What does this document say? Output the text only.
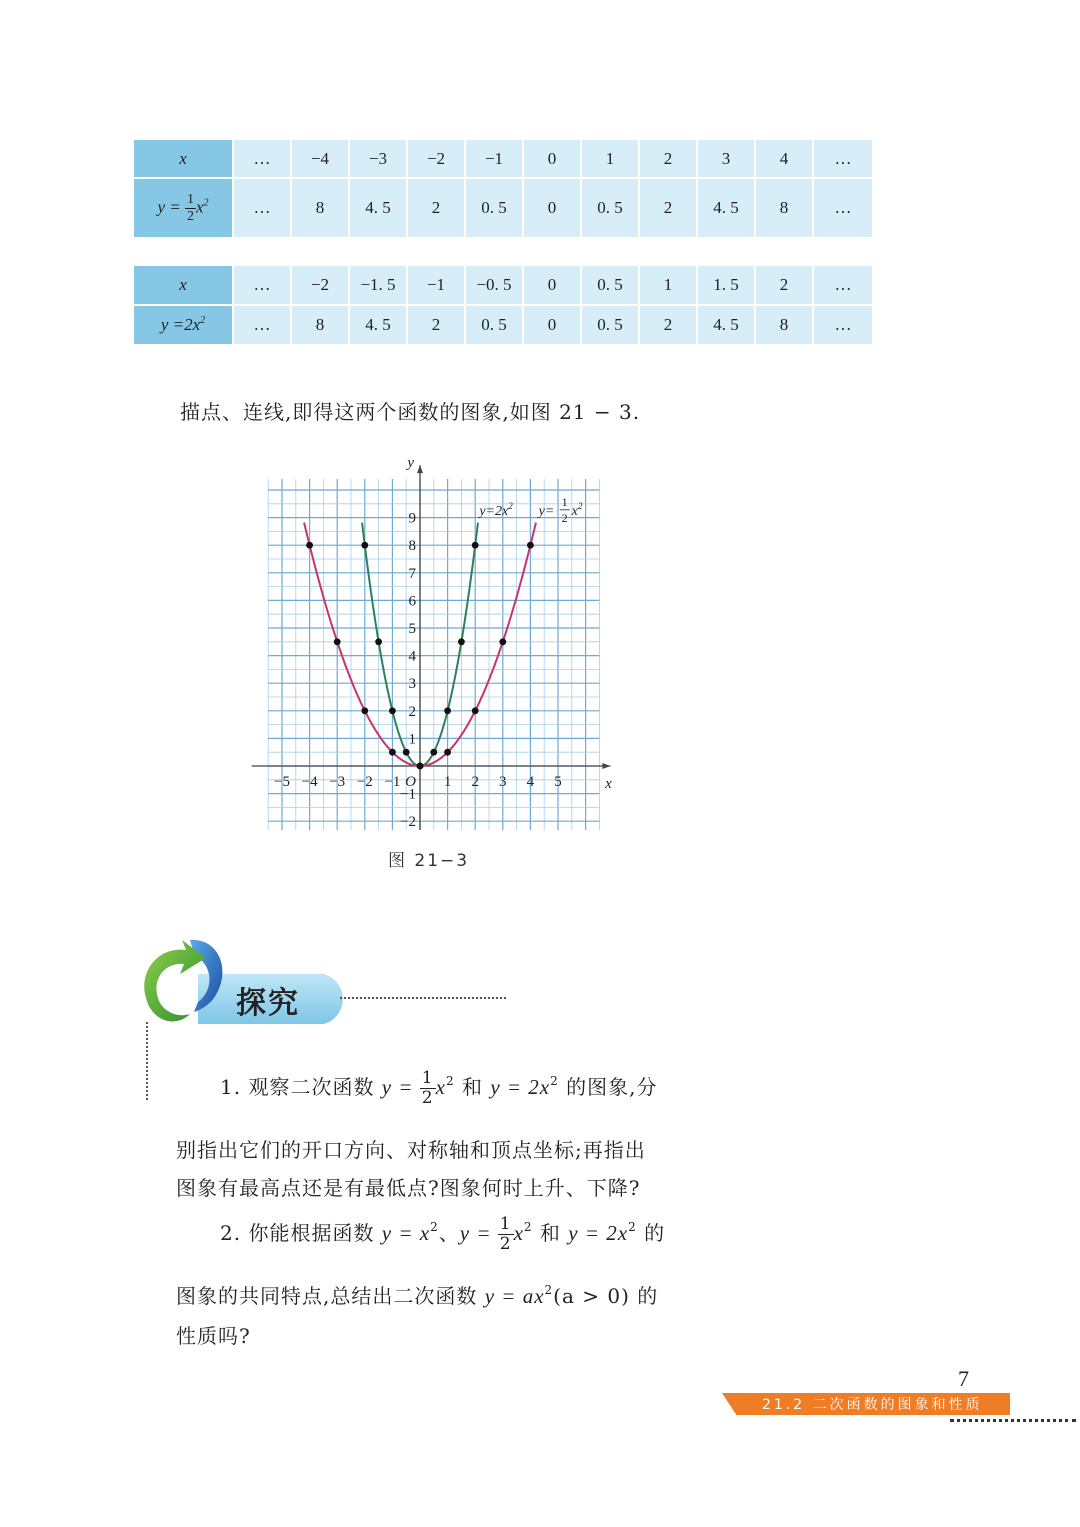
x	…	−4	−3	−2	−1	0	1	2	3	4	…
$y = \frac{1}{2} x^2$	…	8	4. 5	2	0. 5	0	0. 5	2	4. 5	8	…
x	…	−2	−1. 5	−1	−0. 5	0	0. 5	1	1. 5	2	…
$y =2x^2$	…	8	4. 5	2	0. 5	0	0. 5	2	4. 5	8	…
描点、连线,即得这两个函数的图象,如图 21 − 3.
−5 −4 −3 −2 −1	1 2 3 4 5
−2
−1
1
2
3
4
5
6
7
8
9
O	x
y
$y=2x^2$ y=
1
2 $x^2$
图 21−3
探究
1. 观察二次函数 $y = \frac{1}{2} x^2$ 和 $y = 2x^2$ 的图象,分
别指出它们的开口方向、对称轴和顶点坐标;再指出
图象有最高点还是有最低点?图象何时上升、下降?
2. 你能根据函数 $y = x^2$、$y = \frac{1}{2} x^2$ 和 $y = 2x^2$ 的
图象的共同特点,总结出二次函数 $y = ax^2(a > 0)$ 的
性质吗?
7
21.2 二次函数的图象和性质
